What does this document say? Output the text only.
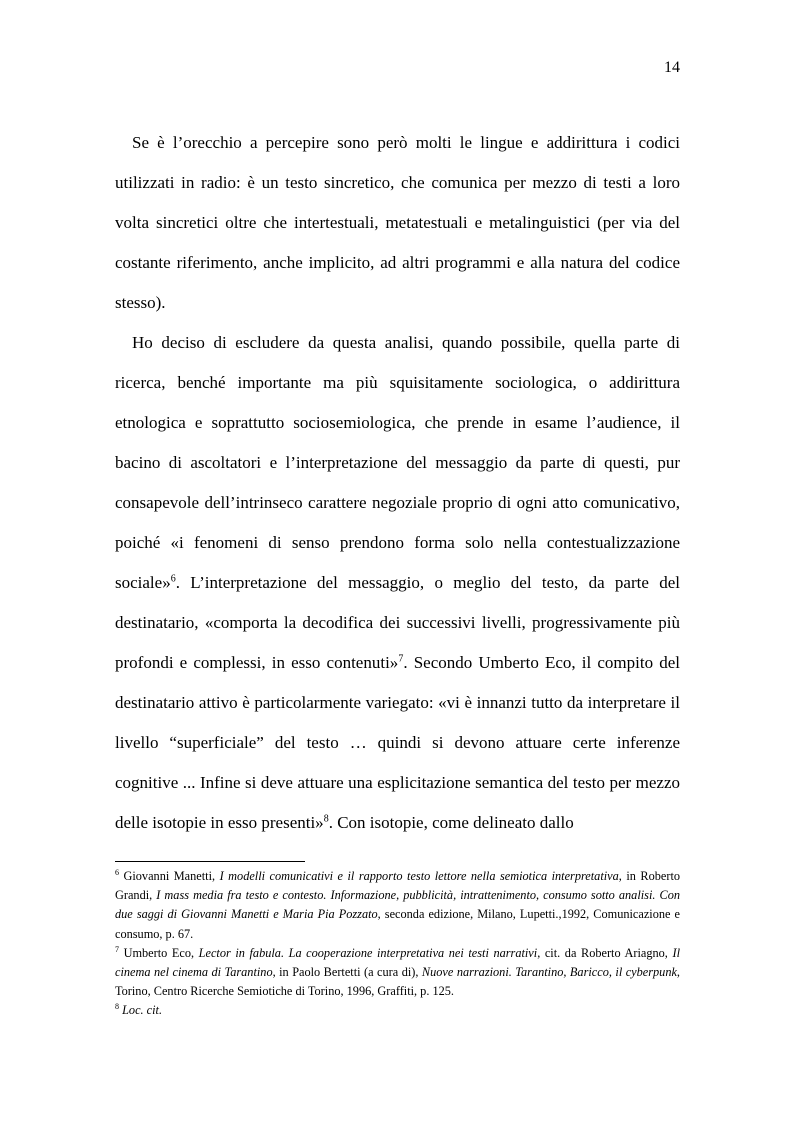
14

Se è l’orecchio a percepire sono però molti le lingue e addirittura i codici utilizzati in radio: è un testo sincretico, che comunica per mezzo di testi a loro volta sincretici oltre che intertestuali, metatestuali e metalinguistici (per via del costante riferimento, anche implicito, ad altri programmi e alla natura del codice stesso).

Ho deciso di escludere da questa analisi, quando possibile, quella parte di ricerca, benché importante ma più squisitamente sociologica, o addirittura etnologica e soprattutto sociosemiologica, che prende in esame l’audience, il bacino di ascoltatori e l’interpretazione del messaggio da parte di questi, pur consapevole dell’intrinseco carattere negoziale proprio di ogni atto comunicativo, poiché «i fenomeni di senso prendono forma solo nella contestualizzazione sociale»$^6$. L’interpretazione del messaggio, o meglio del testo, da parte del destinatario, «comporta la decodifica dei successivi livelli, progressivamente più profondi e complessi, in esso contenuti»$^7$. Secondo Umberto Eco, il compito del destinatario attivo è particolarmente variegato: «vi è innanzi tutto da interpretare il livello “superficiale” del testo … quindi si devono attuare certe inferenze cognitive ... Infine si deve attuare una esplicitazione semantica del testo per mezzo delle isotopie in esso presenti»$^8$. Con isotopie, come delineato dallo

$^6$ Giovanni Manetti, I modelli comunicativi e il rapporto testo lettore nella semiotica interpretativa, in Roberto Grandi, I mass media fra testo e contesto. Informazione, pubblicità, intrattenimento, consumo sotto analisi. Con due saggi di Giovanni Manetti e Maria Pia Pozzato, seconda edizione, Milano, Lupetti.,1992, Comunicazione e consumo, p. 67.

$^7$ Umberto Eco, Lector in fabula. La cooperazione interpretativa nei testi narrativi, cit. da Roberto Ariagno, Il cinema nel cinema di Tarantino, in Paolo Bertetti (a cura di), Nuove narrazioni. Tarantino, Baricco, il cyberpunk, Torino, Centro Ricerche Semiotiche di Torino, 1996, Graffiti, p. 125.

$^8$ Loc. cit.
